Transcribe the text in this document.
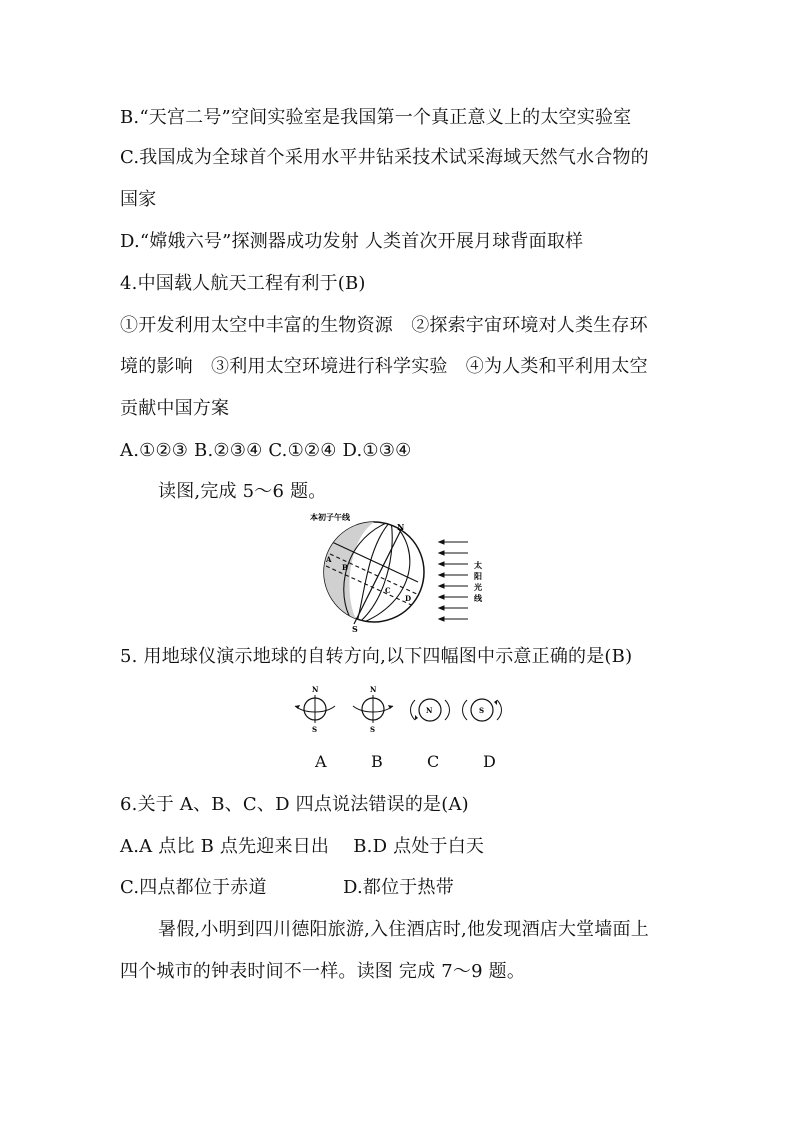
B.“天宫二号”空间实验室是我国第一个真正意义上的太空实验室
C.我国成为全球首个采用水平井钻采技术试采海域天然气水合物的
国家
D.“嫦娥六号”探测器成功发射 人类首次开展月球背面取样
4.中国载人航天工程有利于(B)
①开发利用太空中丰富的生物资源　②探索宇宙环境对人类生存环
境的影响　③利用太空环境进行科学实验　④为人类和平利用太空
贡献中国方案
A.①②③ B.②③④ C.①②④ D.①③④
读图,完成 5～6 题。
本初子午线
N
S
A
B
C
D
太
阳
光
线
5. 用地球仪演示地球的自转方向,以下四幅图中示意正确的是(B)
N
S
N
S
N	S
A	B	C	D
6.关于 A、B、C、D 四点说法错误的是(A)
A.A 点比 B 点先迎来日出　 B.D 点处于白天
C.四点都位于赤道	D.都位于热带
暑假,小明到四川德阳旅游,入住酒店时,他发现酒店大堂墙面上
四个城市的钟表时间不一样。读图 完成 7～9 题。
